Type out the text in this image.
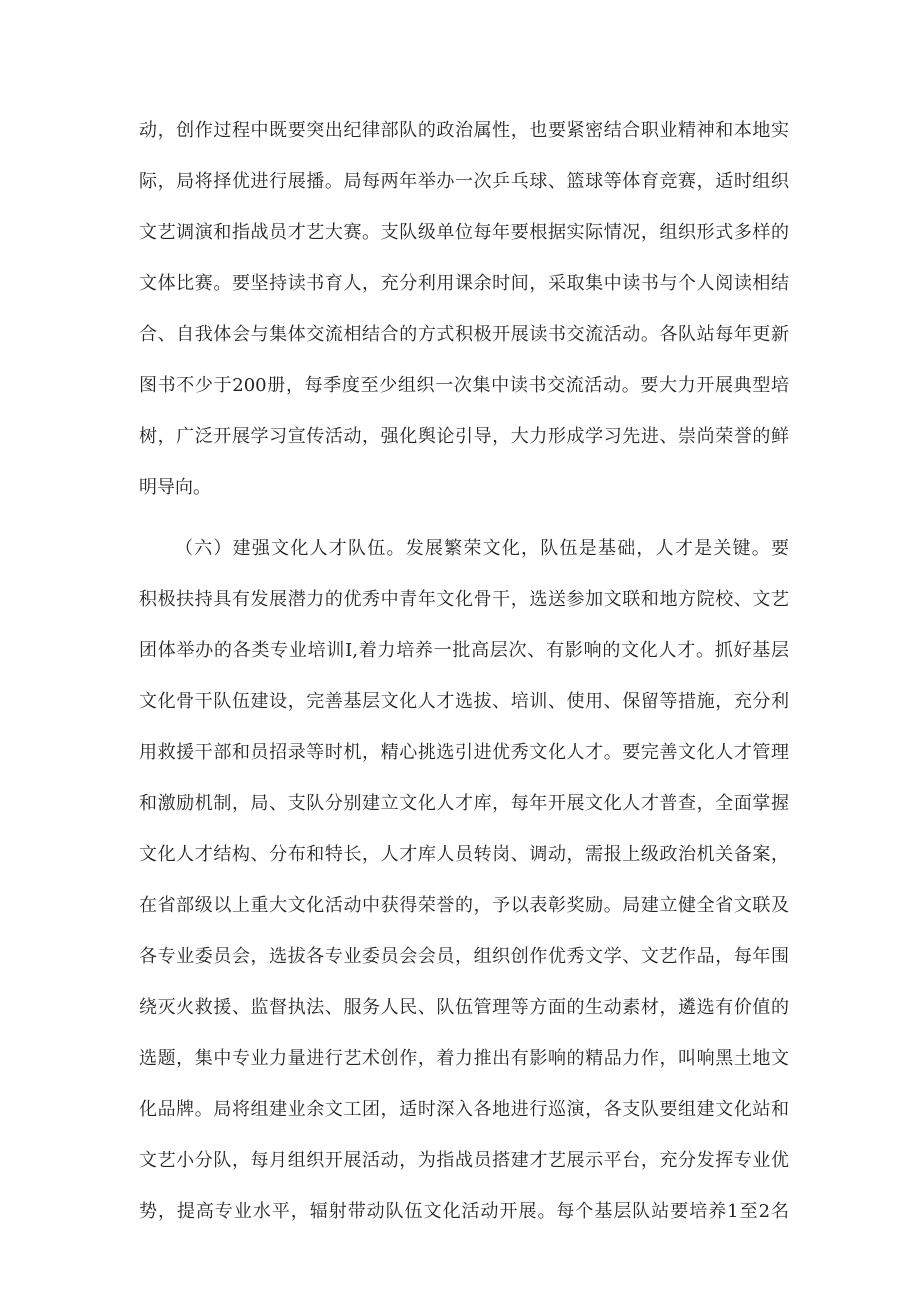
动，创作过程中既要突出纪律部队的政治属性，也要紧密结合职业精神和本地实
际，局将择优进行展播。局每两年举办一次乒乓球、篮球等体育竞赛，适时组织
文艺调演和指战员才艺大赛。支队级单位每年要根据实际情况，组织形式多样的
文体比赛。要坚持读书育人，充分利用课余时间，采取集中读书与个人阅读相结
合、自我体会与集体交流相结合的方式积极开展读书交流活动。各队站每年更新
图书不少于200册，每季度至少组织一次集中读书交流活动。要大力开展典型培
树，广泛开展学习宣传活动，强化舆论引导，大力形成学习先进、崇尚荣誉的鲜
明导向。
（六）建强文化人才队伍。发展繁荣文化，队伍是基础，人才是关键。要
积极扶持具有发展潜力的优秀中青年文化骨干，选送参加文联和地方院校、文艺
团体举办的各类专业培训I,着力培养一批高层次、有影响的文化人才。抓好基层
文化骨干队伍建设，完善基层文化人才选拔、培训、使用、保留等措施，充分利
用救援干部和员招录等时机，精心挑选引进优秀文化人才。要完善文化人才管理
和激励机制，局、支队分别建立文化人才库，每年开展文化人才普查，全面掌握
文化人才结构、分布和特长，人才库人员转岗、调动，需报上级政治机关备案，
在省部级以上重大文化活动中获得荣誉的，予以表彰奖励。局建立健全省文联及
各专业委员会，选拔各专业委员会会员，组织创作优秀文学、文艺作品，每年围
绕灭火救援、监督执法、服务人民、队伍管理等方面的生动素材，遴选有价值的
选题，集中专业力量进行艺术创作，着力推出有影响的精品力作，叫响黑土地文
化品牌。局将组建业余文工团，适时深入各地进行巡演，各支队要组建文化站和
文艺小分队，每月组织开展活动，为指战员搭建才艺展示平台，充分发挥专业优
势，提高专业水平，辐射带动队伍文化活动开展。每个基层队站要培养1至2名
